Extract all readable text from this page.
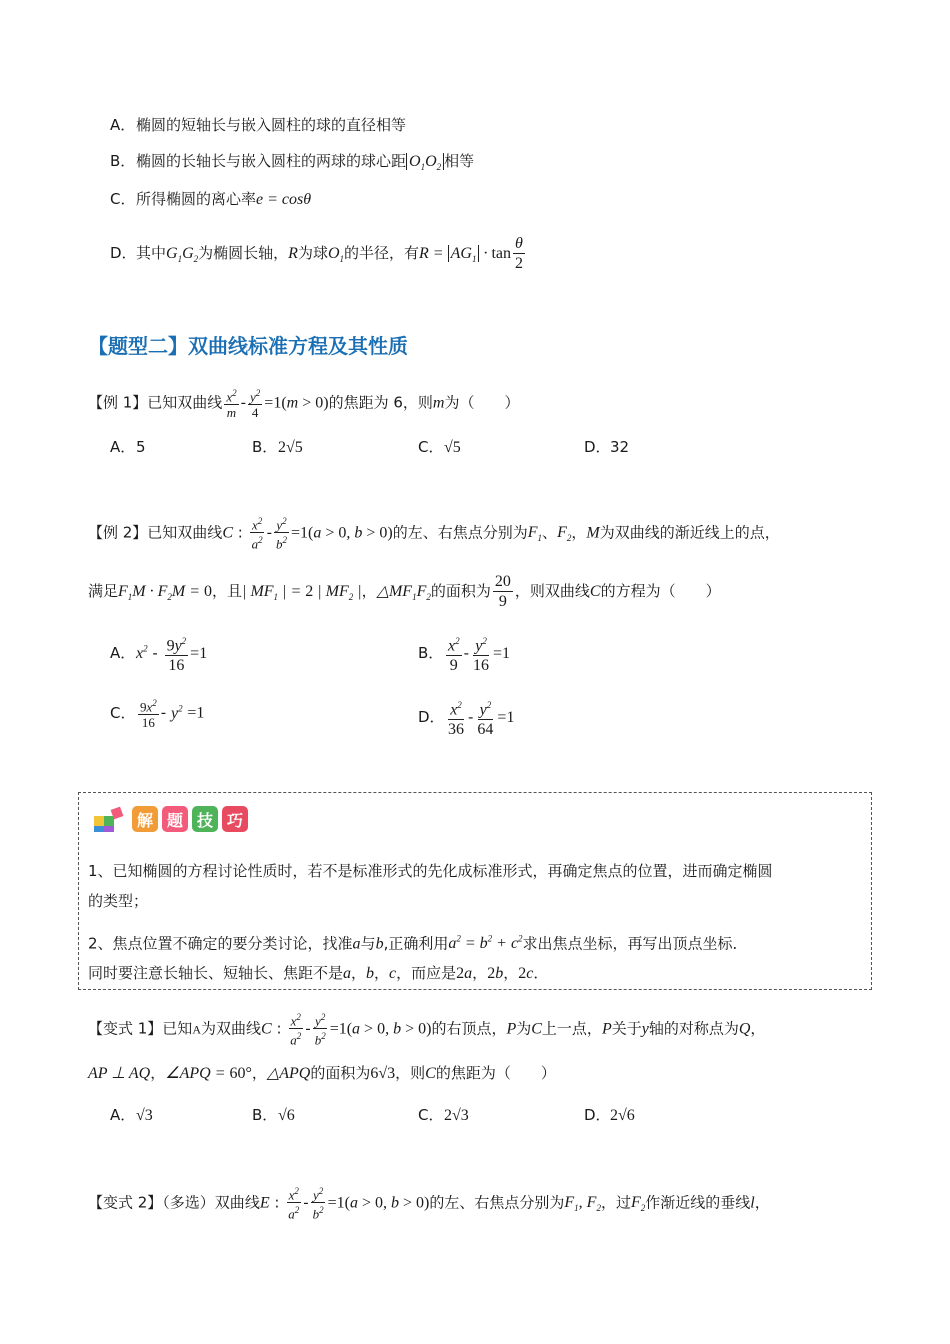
A．椭圆的短轴长与嵌入圆柱的球的直径相等
B．椭圆的长轴长与嵌入圆柱的两球的球心距 $O_1O_2$ 相等
C．所得椭圆的离心率e = cosθ
D．其中$G_1G_2$为椭圆长轴，R为球$O_1$的半径，有$R = AG_1 \cdot \tan \frac{\theta}{2}$
【题型二】双曲线标准方程及其性质
【例 1】已知双曲线 $\frac{x^2}{m} - \frac{y^2}{4} =1(m > 0)$的焦距为 6，则m为（　　）
A．5	B．2√5	C．√5	D．32
【例 2】已知双曲线C : $\frac{x^2}{a^2} - \frac{y^2}{b^2} =1(a > 0$, b > 0)的左、右焦点分别为$F_1$、$F_2$，M为双曲线的渐近线上的点，
满足$F_1M \cdot F_2M = 0$，且| $MF_1$ | = 2 | $MF_2$ |，$\triangle MF_1F_2$的面积为 $\frac{20}{9}$ ，则双曲线C的方程为（　　）
A．$x^2 - \frac{9y^2}{16} =1$	B． $\frac{x^2}{9} - \frac{y^2}{16} =1$
C． $\frac{9x^2}{16} - y^2 =1$	D． $\frac{x^2}{36} - \frac{y^2}{64} =1$
解 题 技 巧
1、已知椭圆的方程讨论性质时，若不是标准形式的先化成标准形式，再确定焦点的位置，进而确定椭圆
的类型；
2、焦点位置不确定的要分类讨论，找准a与b,正确利用$a^2 = b^2 + c^2$求出焦点坐标，再写出顶点坐标．
同时要注意长轴长、短轴长、焦距不是a，b，c，而应是2a，2b，2c．
【变式 1】已知A为双曲线C : $\frac{x^2}{a^2} - \frac{y^2}{b^2} =1(a > 0$, b > 0)的右顶点，P为C上一点，P关于y轴的对称点为Q，
AP ⊥ AQ，∠APQ = 60°，△APQ的面积为6√3，则C的焦距为（　　）
A．√3	B．√6	C．2√3	D．2√6
【变式 2】（多选）双曲线E : $\frac{x^2}{a^2} - \frac{y^2}{b^2} =1(a > 0$, b > 0)的左、右焦点分别为$F_1$, $F_2$，过$F_2$作渐近线的垂线l，
